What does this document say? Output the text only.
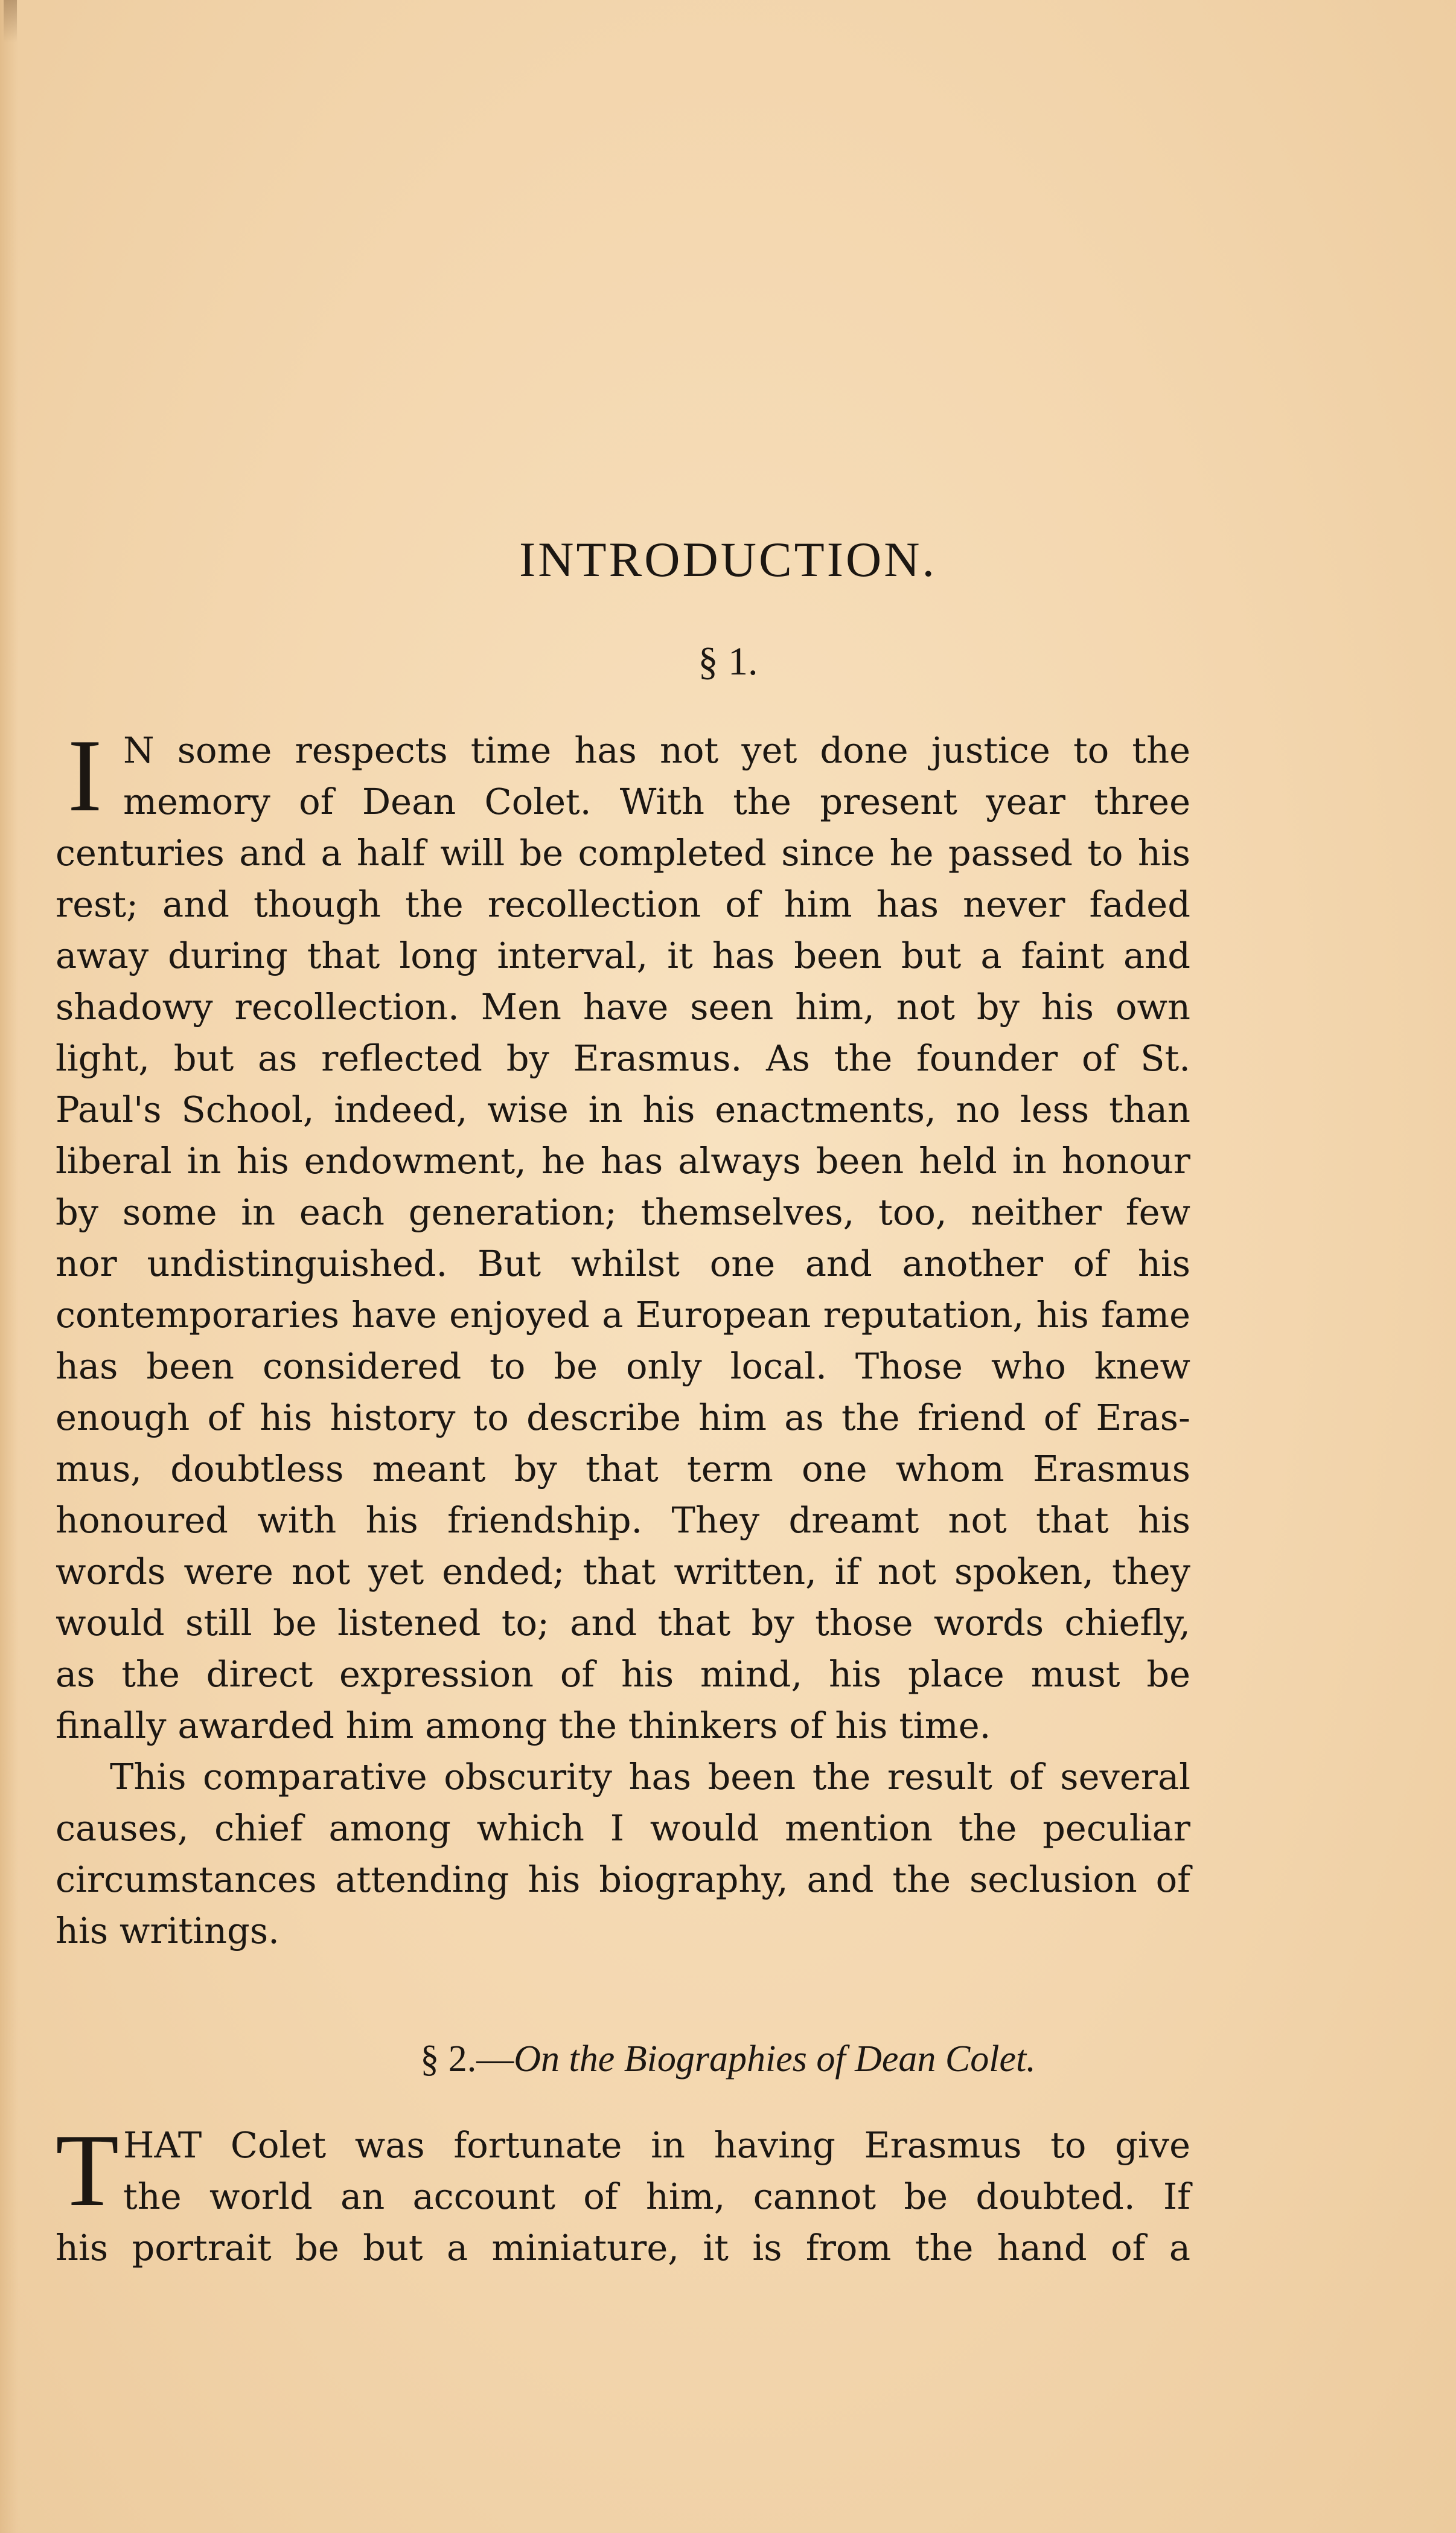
INTRODUCTION.
§ 1.
I N some respects time has not yet done justice to the
memory of Dean Colet. With the present year three
centuries and a half will be completed since he passed to his
rest; and though the recollection of him has never faded
away during that long interval, it has been but a faint and
shadowy recollection. Men have seen him, not by his own
light, but as reflected by Erasmus. As the founder of St.
Paul's School, indeed, wise in his enactments, no less than
liberal in his endowment, he has always been held in honour
by some in each generation; themselves, too, neither few
nor undistinguished. But whilst one and another of his
contemporaries have enjoyed a European reputation, his fame
has been considered to be only local. Those who knew
enough of his history to describe him as the friend of Eras-
mus, doubtless meant by that term one whom Erasmus
honoured with his friendship. They dreamt not that his
words were not yet ended; that written, if not spoken, they
would still be listened to; and that by those words chiefly,
as the direct expression of his mind, his place must be
finally awarded him among the thinkers of his time.
This comparative obscurity has been the result of several
causes, chief among which I would mention the peculiar
circumstances attending his biography, and the seclusion of
his writings.
§ 2.—On the Biographies of Dean Colet.
T HAT Colet was fortunate in having Erasmus to give
the world an account of him, cannot be doubted. If
his portrait be but a miniature, it is from the hand of a
